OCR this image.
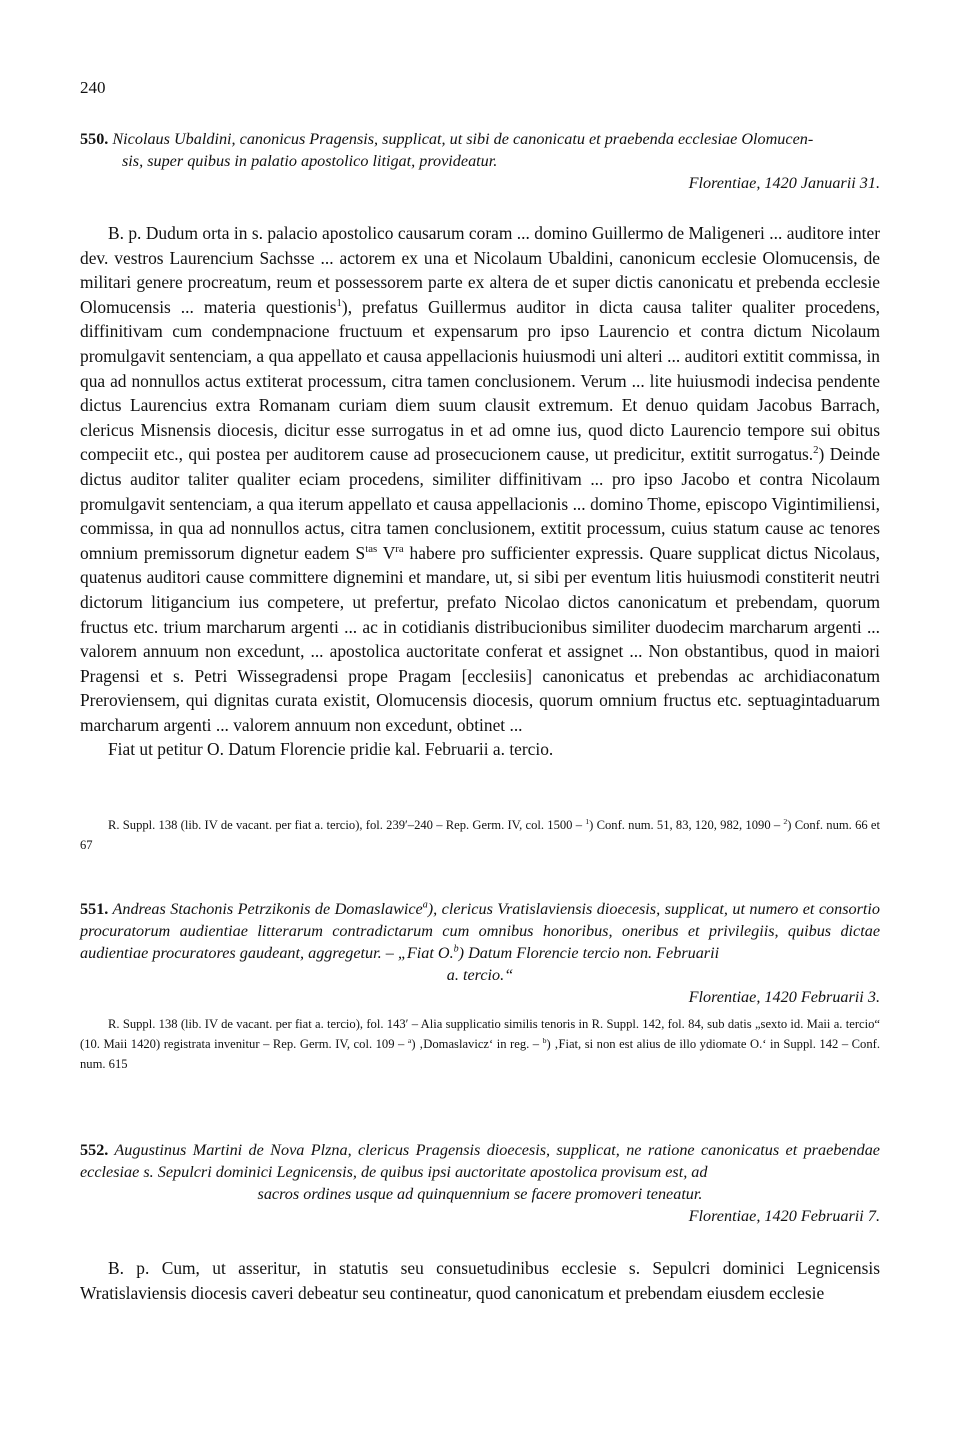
240

550. Nicolaus Ubaldini, canonicus Pragensis, supplicat, ut sibi de canonicatu et praebenda ecclesiae Olomucen-
sis, super quibus in palatio apostolico litigat, provideatur.

Florentiae, 1420 Januarii 31.

B. p. Dudum orta in s. palacio apostolico causarum coram ... domino Guillermo de Maligeneri ... auditore inter dev. vestros Laurencium Sachsse ... actorem ex una et Nicolaum Ubaldini, canonicum ecclesie Olomucensis, de militari genere procreatum, reum et possessorem parte ex altera de et super dictis canonicatu et prebenda ecclesie Olomucensis ... materia questionis$^1$), prefatus Guillermus auditor in dicta causa taliter qualiter procedens, diffinitivam cum condempnacione fructuum et expensarum pro ipso Laurencio et contra dictum Nicolaum promulgavit sentenciam, a qua appellato et causa appellacionis huiusmodi uni alteri ... auditori extitit commissa, in qua ad nonnullos actus extiterat processum, citra tamen conclusionem. Verum ... lite huiusmodi indecisa pendente dictus Laurencius extra Romanam curiam diem suum clausit extremum. Et denuo quidam Jacobus Barrach, clericus Misnensis diocesis, dicitur esse surrogatus in et ad omne ius, quod dicto Laurencio tempore sui obitus compeciit etc., qui postea per auditorem cause ad prosecucionem cause, ut predicitur, extitit surrogatus.$^2$) Deinde dictus auditor taliter qualiter eciam procedens, similiter diffinitivam ... pro ipso Jacobo et contra Nicolaum promulgavit sentenciam, a qua iterum appellato et causa appellacionis ... domino Thome, episcopo Vigintimiliensi, commissa, in qua ad nonnullos actus, citra tamen conclusionem, extitit processum, cuius statum cause ac tenores omnium premissorum dignetur eadem $S^{tas}$ $V^{ra}$ habere pro sufficienter expressis. Quare supplicat dictus Nicolaus, quatenus auditori cause committere dignemini et mandare, ut, si sibi per eventum litis huiusmodi constiterit neutri dictorum litigancium ius competere, ut prefertur, prefato Nicolao dictos canonicatum et prebendam, quorum fructus etc. trium marcharum argenti ... ac in cotidianis distribucionibus similiter duodecim marcharum argenti ... valorem annuum non excedunt, ... apostolica auctoritate conferat et assignet ... Non obstantibus, quod in maiori Pragensi et s. Petri Wissegradensi prope Pragam [ecclesiis] canonicatus et prebendas ac archidiaconatum Preroviensem, qui dignitas curata existit, Olomucensis diocesis, quorum omnium fructus etc. septuagintaduarum marcharum argenti ... valorem annuum non excedunt, obtinet ...

Fiat ut petitur O. Datum Florencie pridie kal. Februarii a. tercio.

R. Suppl. 138 (lib. IV de vacant. per fiat a. tercio), fol. 239′–240 – Rep. Germ. IV, col. 1500 – $^1$) Conf. num. 51, 83, 120, 982, 1090 – $^2$) Conf. num. 66 et 67

551. Andreas Stachonis Petrzikonis de Domaslawice$^a$), clericus Vratislaviensis dioecesis, supplicat, ut numero et consortio procuratorum audientiae litterarum contradictarum cum omnibus honoribus, oneribus et privilegiis, quibus dictae audientiae procuratores gaudeant, aggregetur. – „Fiat O.$^b$) Datum Florencie tercio non. Februarii
a. tercio.“

Florentiae, 1420 Februarii 3.

R. Suppl. 138 (lib. IV de vacant. per fiat a. tercio), fol. 143′ – Alia supplicatio similis tenoris in R. Suppl. 142, fol. 84, sub datis „sexto id. Maii a. tercio“ (10. Maii 1420) registrata invenitur – Rep. Germ. IV, col. 109 – $^a$) ‚Domaslavicz‘ in reg. – $^b$) ‚Fiat, si non est alius de illo ydiomate O.‘ in Suppl. 142 – Conf. num. 615

552. Augustinus Martini de Nova Plzna, clericus Pragensis dioecesis, supplicat, ne ratione canonicatus et praebendae ecclesiae s. Sepulcri dominici Legnicensis, de quibus ipsi auctoritate apostolica provisum est, ad
sacros ordines usque ad quinquennium se facere promoveri teneatur.

Florentiae, 1420 Februarii 7.

B. p. Cum, ut asseritur, in statutis seu consuetudinibus ecclesie s. Sepulcri dominici Legnicensis Wratislaviensis diocesis caveri debeatur seu contineatur, quod canonicatum et prebendam eiusdem ecclesie
